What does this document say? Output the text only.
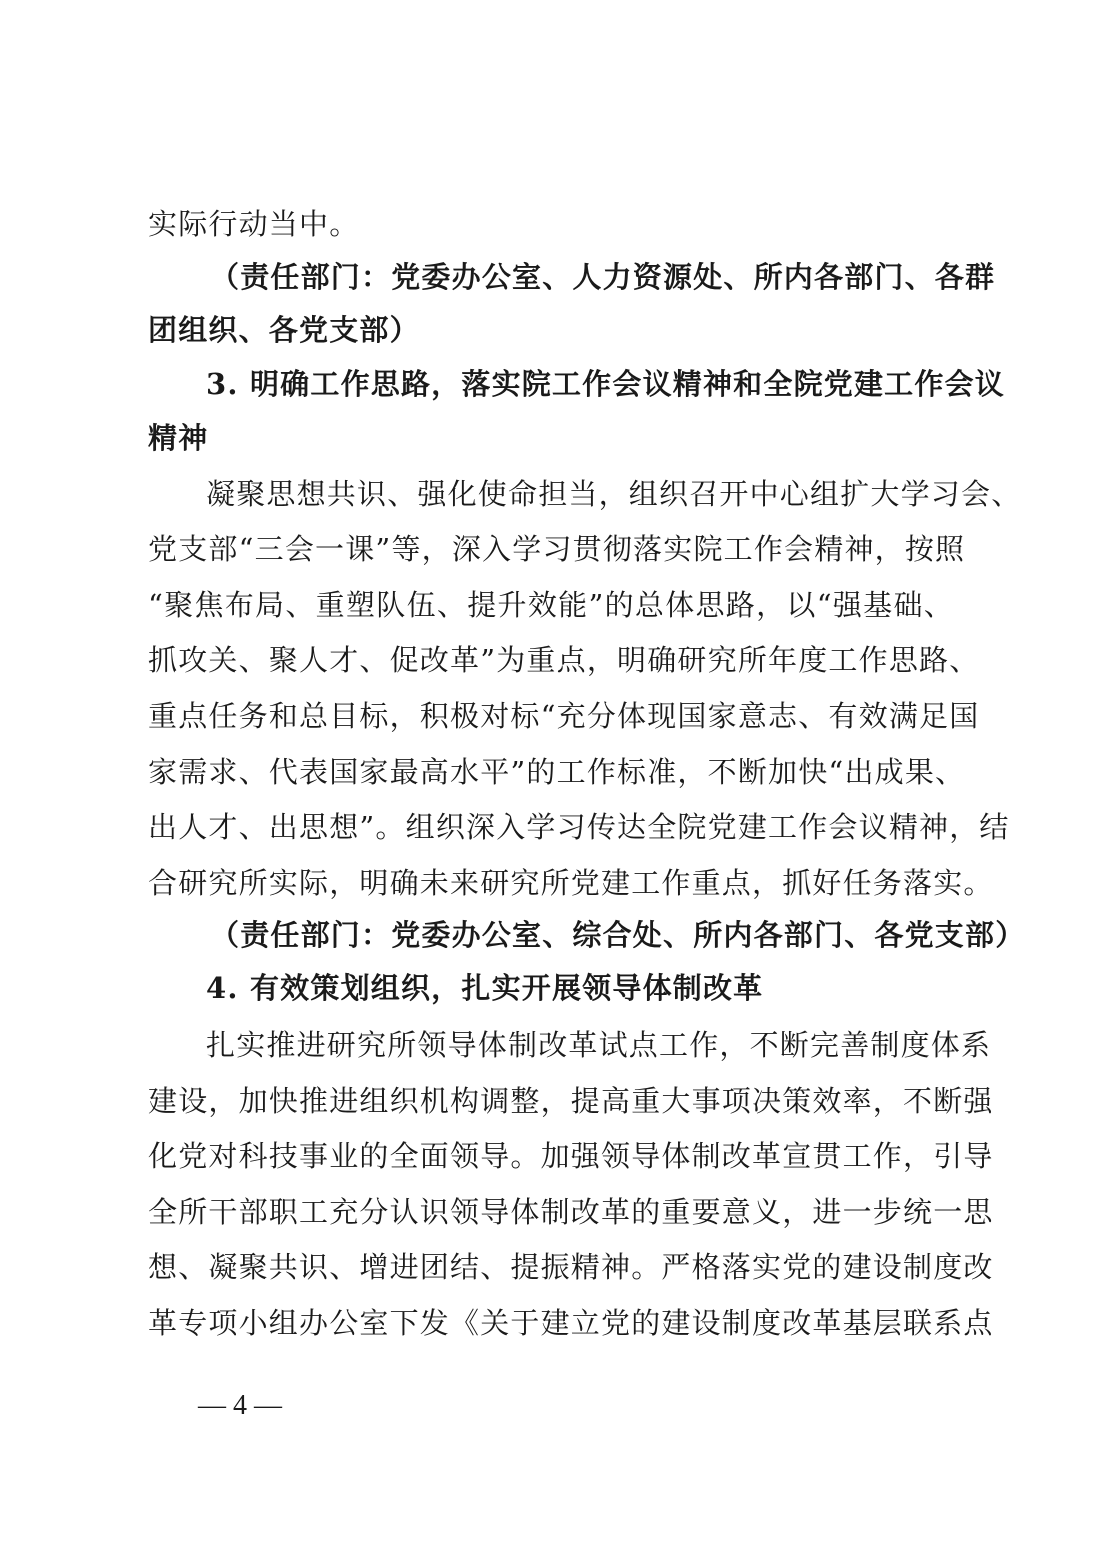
实际行动当中。
（责任部门：党委办公室、人力资源处、所内各部门、各群
团组织、各党支部）
3. 明确工作思路，落实院工作会议精神和全院党建工作会议
精神
凝聚思想共识、强化使命担当，组织召开中心组扩大学习会、
党支部“三会一课”等，深入学习贯彻落实院工作会精神，按照
“聚焦布局、重塑队伍、提升效能”的总体思路，以“强基础、
抓攻关、聚人才、促改革”为重点，明确研究所年度工作思路、
重点任务和总目标，积极对标“充分体现国家意志、有效满足国
家需求、代表国家最高水平”的工作标准，不断加快“出成果、
出人才、出思想”。组织深入学习传达全院党建工作会议精神，结
合研究所实际，明确未来研究所党建工作重点，抓好任务落实。
（责任部门：党委办公室、综合处、所内各部门、各党支部）
4. 有效策划组织，扎实开展领导体制改革
扎实推进研究所领导体制改革试点工作，不断完善制度体系
建设，加快推进组织机构调整，提高重大事项决策效率，不断强
化党对科技事业的全面领导。加强领导体制改革宣贯工作，引导
全所干部职工充分认识领导体制改革的重要意义，进一步统一思
想、凝聚共识、增进团结、提振精神。严格落实党的建设制度改
革专项小组办公室下发《关于建立党的建设制度改革基层联系点
— 4 —
